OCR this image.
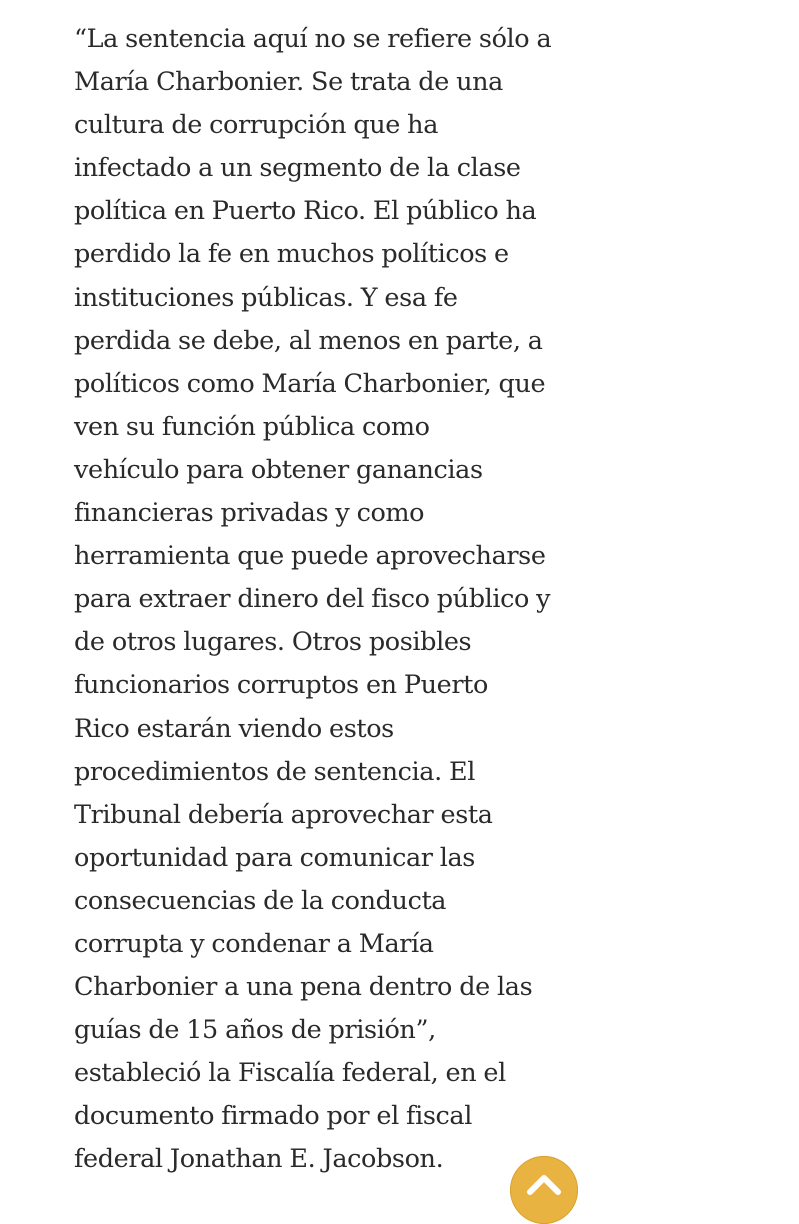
“La sentencia aquí no se refiere sólo a
María Charbonier. Se trata de una
cultura de corrupción que ha
infectado a un segmento de la clase
política en Puerto Rico. El público ha
perdido la fe en muchos políticos e
instituciones públicas. Y esa fe
perdida se debe, al menos en parte, a
políticos como María Charbonier, que
ven su función pública como
vehículo para obtener ganancias
financieras privadas y como
herramienta que puede aprovecharse
para extraer dinero del fisco público y
de otros lugares. Otros posibles
funcionarios corruptos en Puerto
Rico estarán viendo estos
procedimientos de sentencia. El
Tribunal debería aprovechar esta
oportunidad para comunicar las
consecuencias de la conducta
corrupta y condenar a María
Charbonier a una pena dentro de las
guías de 15 años de prisión”,
estableció la Fiscalía federal, en el
documento firmado por el fiscal
federal Jonathan E. Jacobson.
